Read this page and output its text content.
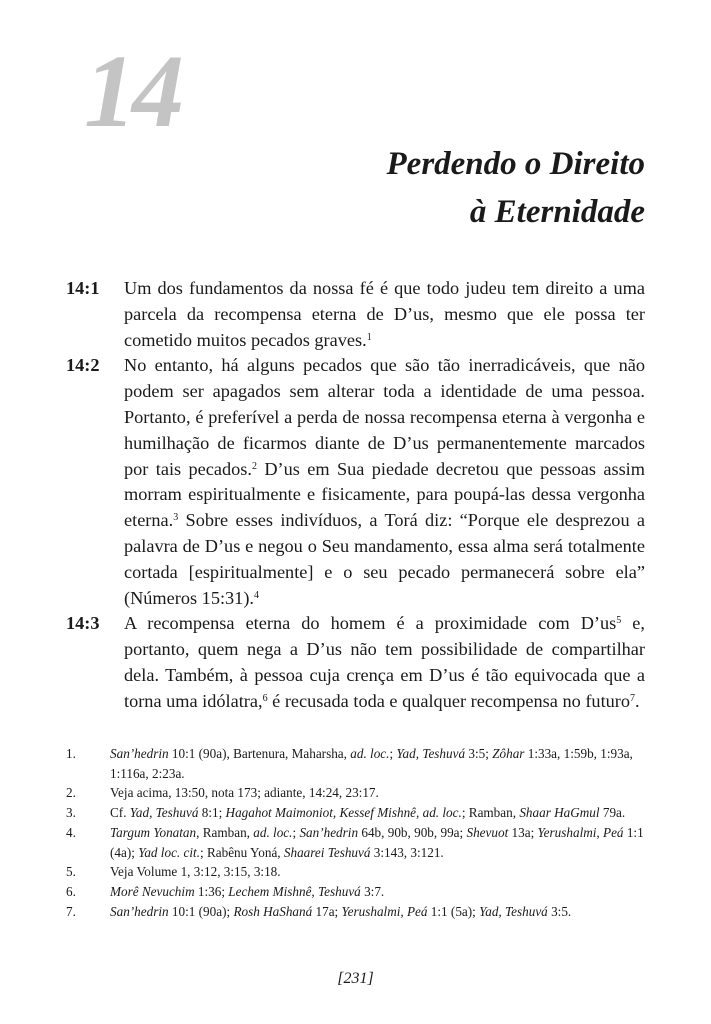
14
Perdendo o Direito
à Eternidade
14:1	Um dos fundamentos da nossa fé é que todo judeu tem direito a uma parcela da recompensa eterna de D’us, mesmo que ele possa ter cometido muitos pecados graves.$^1$
14:2	No entanto, há alguns pecados que são tão inerradicáveis, que não podem ser apagados sem alterar toda a identidade de uma pessoa. Portanto, é preferível a perda de nossa recompensa eterna à vergonha e humilhação de ficarmos diante de D’us permanentemente marcados por tais pecados.$^2$ D’us em Sua piedade decretou que pessoas assim morram espiritualmente e fisicamente, para poupá-las dessa vergonha eterna.$^3$ Sobre esses indivíduos, a Torá diz: “Porque ele desprezou a palavra de D’us e negou o Seu mandamento, essa alma será totalmente cortada [espiritualmente] e o seu pecado permanecerá sobre ela” (Números 15:31).$^4$
14:3	A recompensa eterna do homem é a proximidade com $D’us^5$ e, portanto, quem nega a D’us não tem possibilidade de compartilhar dela. Também, à pessoa cuja crença em D’us é tão equivocada que a torna uma idólatra,$^6$ é recusada toda e qualquer recompensa no futuro$^7$.
1.	San’hedrin 10:1 (90a), Bartenura, Maharsha, ad. loc.; Yad, Teshuvá 3:5; Zôhar 1:33a, 1:59b, 1:93a, 1:116a, 2:23a.
2.	Veja acima, 13:50, nota 173; adiante, 14:24, 23:17.
3.	Cf. Yad, Teshuvá 8:1; Hagahot Maimoniot, Kessef Mishnê, ad. loc.; Ramban, Shaar HaGmul 79a.
4.	Targum Yonatan, Ramban, ad. loc.; San’hedrin 64b, 90b, 90b, 99a; Shevuot 13a; Yerushalmi, Peá 1:1 (4a); Yad loc. cit.; Rabênu Yoná, Shaarei Teshuvá 3:143, 3:121.
5.	Veja Volume 1, 3:12, 3:15, 3:18.
6.	Morê Nevuchim 1:36; Lechem Mishnê, Teshuvá 3:7.
7.	San’hedrin 10:1 (90a); Rosh HaShaná 17a; Yerushalmi, Peá 1:1 (5a); Yad, Teshuvá 3:5.
[231]
